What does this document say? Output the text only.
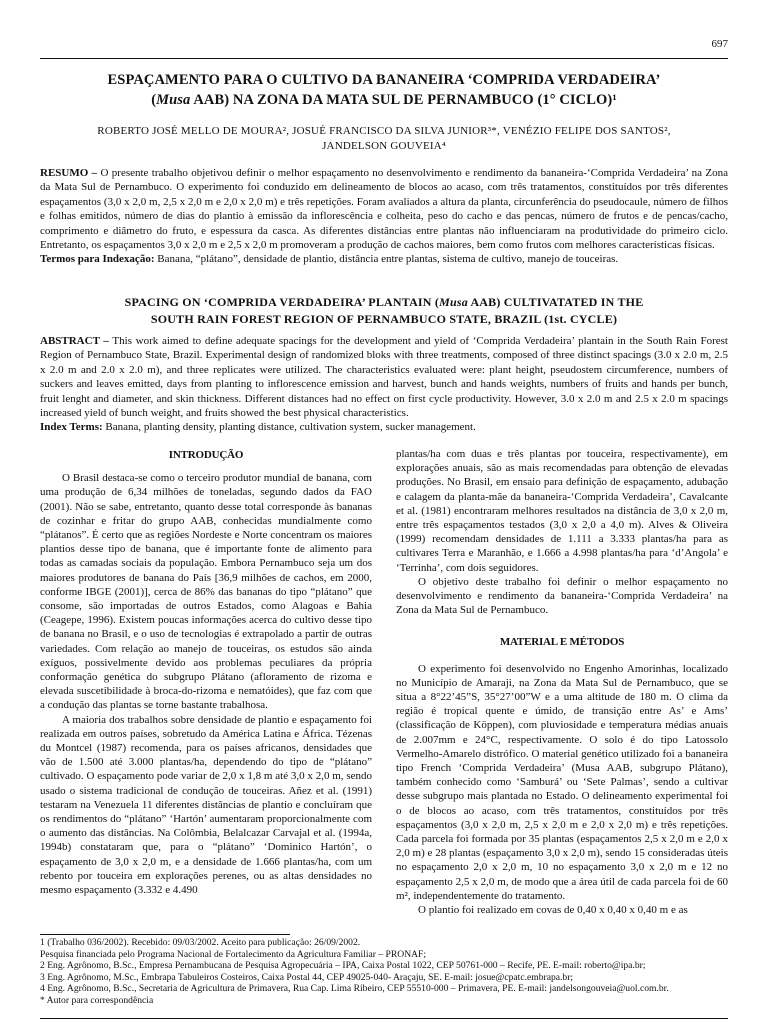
697
ESPAÇAMENTO PARA O CULTIVO DA BANANEIRA ‘COMPRIDA VERDADEIRA’
(Musa AAB) NA ZONA DA MATA SUL DE PERNAMBUCO (1° CICLO)¹
ROBERTO JOSÉ MELLO DE MOURA², JOSUÉ FRANCISCO DA SILVA JUNIOR³*, VENÉZIO FELIPE DOS SANTOS²,
JANDELSON GOUVEIA⁴
RESUMO – O presente trabalho objetivou definir o melhor espaçamento no desenvolvimento e rendimento da bananeira-‘Comprida Verdadeira’ na Zona da Mata Sul de Pernambuco. O experimento foi conduzido em delineamento de blocos ao acaso, com três tratamentos, constituídos por três diferentes espaçamentos (3,0 x 2,0 m, 2,5 x 2,0 m e 2,0 x 2,0 m) e três repetições. Foram avaliados a altura da planta, circunferência do pseudocaule, número de filhos e folhas emitidos, número de dias do plantio à emissão da inflorescência e colheita, peso do cacho e das pencas, número de frutos e de pencas/cacho, comprimento e diâmetro do fruto, e espessura da casca. As diferentes distâncias entre plantas não influenciaram na produtividade do primeiro ciclo. Entretanto, os espaçamentos 3,0 x 2,0 m e 2,5 x 2,0 m promoveram a produção de cachos maiores, bem como frutos com melhores características físicas.
Termos para Indexação: Banana, “plátano”, densidade de plantio, distância entre plantas, sistema de cultivo, manejo de touceiras.
SPACING ON ‘COMPRIDA VERDADEIRA’ PLANTAIN (Musa AAB) CULTIVATATED IN THE
SOUTH RAIN FOREST REGION OF PERNAMBUCO STATE, BRAZIL (1st. CYCLE)
ABSTRACT – This work aimed to define adequate spacings for the development and yield of ‘Comprida Verdadeira’ plantain in the South Rain Forest Region of Pernambuco State, Brazil. Experimental design of randomized bloks with three treatments, composed of three distinct spacings (3.0 x 2.0 m, 2.5 x 2.0 m and 2.0 x 2.0 m), and three replicates were utilized. The characteristics evaluated were: plant height, pseudostem circumference, numbers of suckers and leaves emitted, days from planting to inflorescence emission and harvest, bunch and hands weights, numbers of fruits and hands per bunch, fruit lenght and diameter, and skin thickness. Different distances had no effect on first cycle productivity. However, 3.0 x 2.0 m and 2.5 x 2.0 m spacings increased yield of bunch weight, and fruits showed the best physical characteristics.
Index Terms: Banana, planting density, planting distance, cultivation system, sucker management.
INTRODUÇÃO

O Brasil destaca-se como o terceiro produtor mundial de banana, com uma produção de 6,34 milhões de toneladas, segundo dados da FAO (2001). Não se sabe, entretanto, quanto desse total corresponde às bananas de cozinhar e fritar do grupo AAB, conhecidas mundialmente como “plátanos”. É certo que as regiões Nordeste e Norte concentram os maiores plantios desse tipo de banana, que é importante fonte de alimento para todas as camadas sociais da população. Embora Pernambuco seja um dos maiores produtores de banana do País [36,9 milhões de cachos, em 2000, conforme IBGE (2001)], cerca de 86% das bananas do tipo “plátano” que consome, são importadas de outros Estados, como Alagoas e Bahia (Ceagepe, 1996). Existem poucas informações acerca do cultivo desse tipo de banana no Brasil, e o uso de tecnologias é extrapolado a partir de outras variedades. Com relação ao manejo de touceiras, os estudos são ainda exíguos, possivelmente devido aos problemas peculiares da própria conformação genética do subgrupo Plátano (afloramento de rizoma e elevada suscetibilidade à broca-do-rizoma e nematóides), que faz com que a condução das plantas se torne bastante trabalhosa.

A maioria dos trabalhos sobre densidade de plantio e espaçamento foi realizada em outros países, sobretudo da América Latina e África. Tézenas du Montcel (1987) recomenda, para os países africanos, densidades que vão de 1.500 até 3.000 plantas/ha, dependendo do tipo de “plátano” cultivado. O espaçamento pode variar de 2,0 x 1,8 m até 3,0 x 2,0 m, sendo usado o sistema tradicional de condução de touceiras. Añez et al. (1991) testaram na Venezuela 11 diferentes distâncias de plantio e concluíram que os rendimentos do “plátano” ‘Hartón’ aumentaram proporcionalmente com o aumento das distâncias. Na Colômbia, Belalcazar Carvajal et al. (1994a, 1994b) constataram que, para o “plátano” ‘Dominico Hartón’, o espaçamento de 3,0 x 2,0 m, e a densidade de 1.666 plantas/ha, com um rebento por touceira em explorações perenes, ou as altas densidades no mesmo espaçamento (3.332 e 4.490

plantas/ha com duas e três plantas por touceira, respectivamente), em explorações anuais, são as mais recomendadas para obtenção de elevadas produções. No Brasil, em ensaio para definição de espaçamento, adubação e calagem da planta-mãe da bananeira-‘Comprida Verdadeira’, Cavalcante et al. (1981) encontraram melhores resultados na distância de 3,0 x 2,0 m, entre três espaçamentos testados (3,0 x 2,0 a 4,0 m). Alves & Oliveira (1999) recomendam densidades de 1.111 a 3.333 plantas/ha para as cultivares Terra e Maranhão, e 1.666 a 4.998 plantas/ha para ‘d’Angola’ e ‘Terrinha’, com dois seguidores.

O objetivo deste trabalho foi definir o melhor espaçamento no desenvolvimento e rendimento da bananeira-‘Comprida Verdadeira’ na Zona da Mata Sul de Pernambuco.

MATERIAL E MÉTODOS

O experimento foi desenvolvido no Engenho Amorinhas, localizado no Município de Amaraji, na Zona da Mata Sul de Pernambuco, que se situa a 8°22’45”S, 35°27’00”W e a uma altitude de 180 m. O clima da região é tropical quente e úmido, de transição entre As’ e Ams’ (classificação de Köppen), com pluviosidade e temperatura médias anuais de 2.007mm e 24°C, respectivamente. O solo é do tipo Latossolo Vermelho-Amarelo distrófico. O material genético utilizado foi a bananeira tipo French ‘Comprida Verdadeira’ (Musa AAB, subgrupo Plátano), também conhecido como ‘Samburá’ ou ‘Sete Palmas’, sendo a cultivar desse subgrupo mais plantada no Estado. O delineamento experimental foi o de blocos ao acaso, com três tratamentos, constituídos por três espaçamentos (3,0 x 2,0 m, 2,5 x 2,0 m e 2,0 x 2,0 m) e três repetições. Cada parcela foi formada por 35 plantas (espaçamentos 2,5 x 2,0 m e 2,0 x 2,0 m) e 28 plantas (espaçamento 3,0 x 2,0 m), sendo 15 consideradas úteis no espaçamento 2,0 x 2,0 m, 10 no espaçamento 3,0 x 2,0 m e 12 no espaçamento 2,5 x 2,0 m, de modo que a área útil de cada parcela foi de 60 m², independentemente do tratamento.

O plantio foi realizado em covas de 0,40 x 0,40 x 0,40 m e as

1 (Trabalho 036/2002). Recebido: 09/03/2002. Aceito para publicação: 26/09/2002.
Pesquisa financiada pelo Programa Nacional de Fortalecimento da Agricultura Familiar – PRONAF;
2 Eng. Agrônomo, B.Sc., Empresa Pernambucana de Pesquisa Agropecuária – IPA, Caixa Postal 1022, CEP 50761-000 – Recife, PE. E-mail: roberto@ipa.br;
3 Eng. Agrônomo, M.Sc., Embrapa Tabuleiros Costeiros, Caixa Postal 44, CEP 49025-040- Araçaju, SE. E-mail: josue@cpatc.embrapa.br;
4 Eng. Agrônomo, B.Sc., Secretaria de Agricultura de Primavera, Rua Cap. Lima Ribeiro, CEP 55510-000 – Primavera, PE. E-mail: jandelsongouveia@uol.com.br.
* Autor para correspondência
